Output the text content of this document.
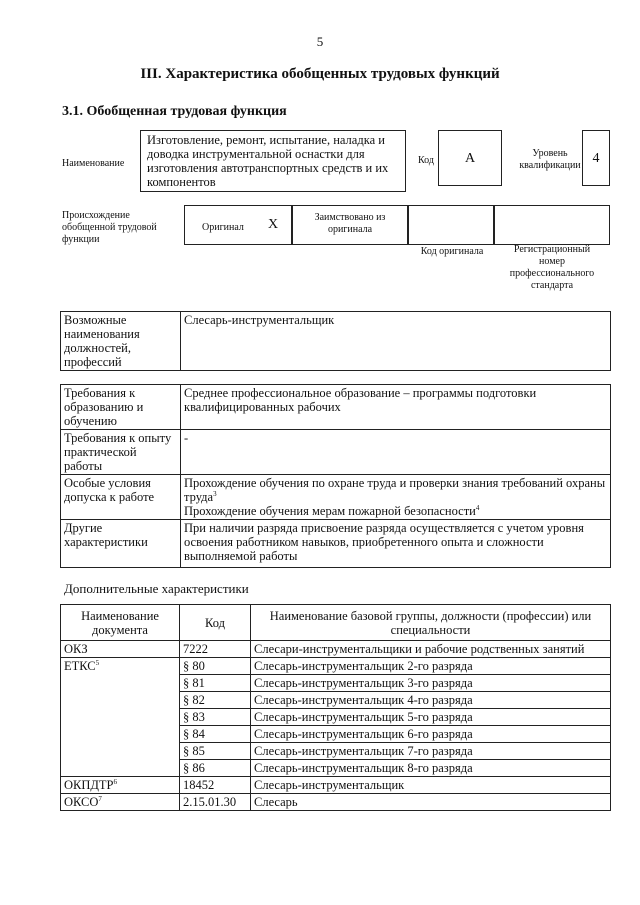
5
III. Характеристика обобщенных трудовых функций
3.1. Обобщенная трудовая функция
Наименование
Изготовление, ремонт, испытание, наладка и доводка инструментальной оснастки для изготовления автотранспортных средств и их компонентов
Код	А	Уровень квалификации 4
Происхождение обобщенной трудовой функции
Оригинал X	Заимствовано из оригинала
Код оригинала	Регистрационный номер профессионального стандарта
Возможные наименования должностей, профессий	Слесарь-инструментальщик
Требования к образованию и обучению	Среднее профессиональное образование – программы подготовки квалифицированных рабочих
Требования к опыту практической работы	-
Особые условия допуска к работе	Прохождение обучения по охране труда и проверки знания требований охраны труда$^3$
Прохождение обучения мерам пожарной безопасности$^4$
Другие характеристики	При наличии разряда присвоение разряда осуществляется с учетом уровня освоения работником навыков, приобретенного опыта и сложности выполняемой работы
Дополнительные характеристики
Наименование документа	Код	Наименование базовой группы, должности (профессии) или специальности
ОКЗ	7222	Слесари-инструментальщики и рабочие родственных занятий
ЕТКС$^5$	§ 80	Слесарь-инструментальщик 2-го разряда
	§ 81	Слесарь-инструментальщик 3-го разряда
	§ 82	Слесарь-инструментальщик 4-го разряда
	§ 83	Слесарь-инструментальщик 5-го разряда
	§ 84	Слесарь-инструментальщик 6-го разряда
	§ 85	Слесарь-инструментальщик 7-го разряда
	§ 86	Слесарь-инструментальщик 8-го разряда
ОКПДТР$^6$	18452	Слесарь-инструментальщик
ОКСО$^7$	2.15.01.30	Слесарь
